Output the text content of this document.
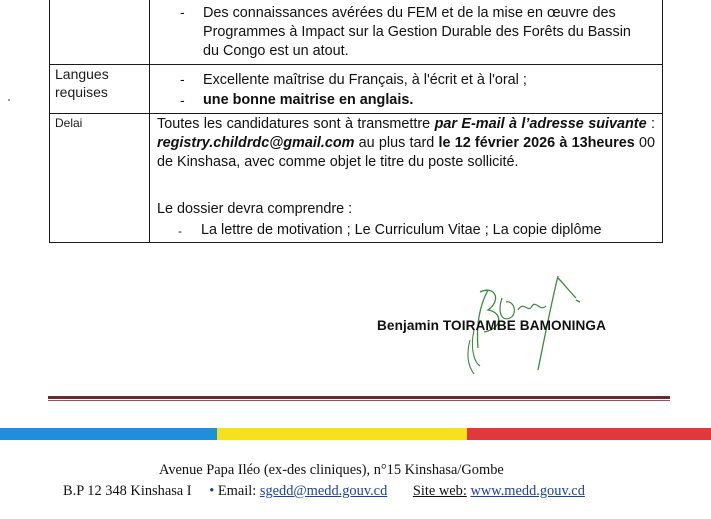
- Des connaissances avérées du FEM et de la mise en œuvre des
Programmes à Impact sur la Gestion Durable des Forêts du Bassin
du Congo est un atout.
Langues
requises
- Excellente maîtrise du Français, à l'écrit et à l'oral ;
- une bonne maitrise en anglais.
Delai	Toutes les candidatures sont à transmettre par E-mail à l’adresse suivante : registry.childrdc@gmail.com au plus tard le 12 février 2026 à 13heures 00 de Kinshasa, avec comme objet le titre du poste sollicité.
Le dossier devra comprendre :
- La lettre de motivation ; Le Curriculum Vitae ; La copie diplôme
Benjamin TOIRAMBE BAMONINGA
Avenue Papa Iléo (ex-des cliniques), n°15 Kinshasa/Gombe
B.P 12 348 Kinshasa I • Email: sgedd@medd.gouv.cd Site web: www.medd.gouv.cd
